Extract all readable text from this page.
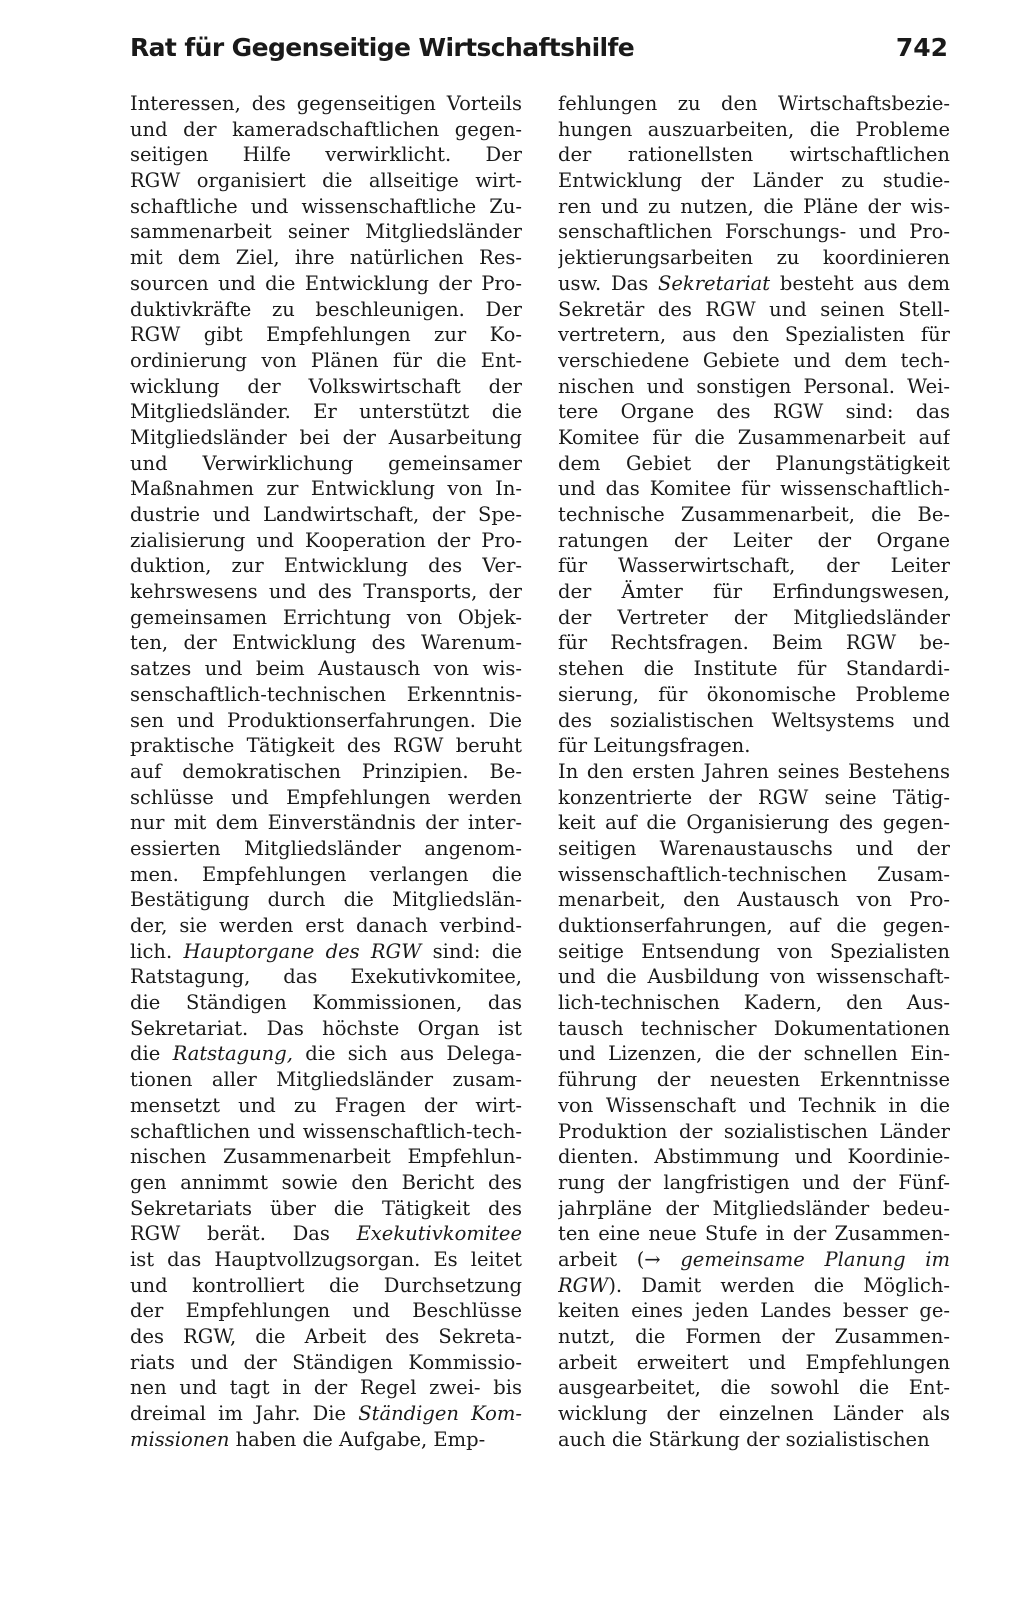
Rat für Gegenseitige Wirtschaftshilfe	742
Interessen, des gegenseitigen Vorteils
und der kameradschaftlichen gegen-
seitigen Hilfe verwirklicht. Der
RGW organisiert die allseitige wirt-
schaftliche und wissenschaftliche Zu-
sammenarbeit seiner Mitgliedsländer
mit dem Ziel, ihre natürlichen Res-
sourcen und die Entwicklung der Pro-
duktivkräfte zu beschleunigen. Der
RGW gibt Empfehlungen zur Ko-
ordinierung von Plänen für die Ent-
wicklung der Volkswirtschaft der
Mitgliedsländer. Er unterstützt die
Mitgliedsländer bei der Ausarbeitung
und Verwirklichung gemeinsamer
Maßnahmen zur Entwicklung von In-
dustrie und Landwirtschaft, der Spe-
zialisierung und Kooperation der Pro-
duktion, zur Entwicklung des Ver-
kehrswesens und des Transports, der
gemeinsamen Errichtung von Objek-
ten, der Entwicklung des Warenum-
satzes und beim Austausch von wis-
senschaftlich-technischen Erkenntnis-
sen und Produktionserfahrungen. Die
praktische Tätigkeit des RGW beruht
auf demokratischen Prinzipien. Be-
schlüsse und Empfehlungen werden
nur mit dem Einverständnis der inter-
essierten Mitgliedsländer angenom-
men. Empfehlungen verlangen die
Bestätigung durch die Mitgliedslän-
der, sie werden erst danach verbind-
lich. Hauptorgane des RGW sind: die
Ratstagung, das Exekutivkomitee,
die Ständigen Kommissionen, das
Sekretariat. Das höchste Organ ist
die Ratstagung, die sich aus Delega-
tionen aller Mitgliedsländer zusam-
mensetzt und zu Fragen der wirt-
schaftlichen und wissenschaftlich-tech-
nischen Zusammenarbeit Empfehlun-
gen annimmt sowie den Bericht des
Sekretariats über die Tätigkeit des
RGW berät. Das Exekutivkomitee
ist das Hauptvollzugsorgan. Es leitet
und kontrolliert die Durchsetzung
der Empfehlungen und Beschlüsse
des RGW, die Arbeit des Sekreta-
riats und der Ständigen Kommissio-
nen und tagt in der Regel zwei- bis
dreimal im Jahr. Die Ständigen Kom-
missionen haben die Aufgabe, Emp-
fehlungen zu den Wirtschaftsbezie-
hungen auszuarbeiten, die Probleme
der rationellsten wirtschaftlichen
Entwicklung der Länder zu studie-
ren und zu nutzen, die Pläne der wis-
senschaftlichen Forschungs- und Pro-
jektierungsarbeiten zu koordinieren
usw. Das Sekretariat besteht aus dem
Sekretär des RGW und seinen Stell-
vertretern, aus den Spezialisten für
verschiedene Gebiete und dem tech-
nischen und sonstigen Personal. Wei-
tere Organe des RGW sind: das
Komitee für die Zusammenarbeit auf
dem Gebiet der Planungstätigkeit
und das Komitee für wissenschaftlich-
technische Zusammenarbeit, die Be-
ratungen der Leiter der Organe
für Wasserwirtschaft, der Leiter
der Ämter für Erfindungswesen,
der Vertreter der Mitgliedsländer
für Rechtsfragen. Beim RGW be-
stehen die Institute für Standardi-
sierung, für ökonomische Probleme
des sozialistischen Weltsystems und
für Leitungsfragen.
In den ersten Jahren seines Bestehens
konzentrierte der RGW seine Tätig-
keit auf die Organisierung des gegen-
seitigen Warenaustauschs und der
wissenschaftlich-technischen Zusam-
menarbeit, den Austausch von Pro-
duktionserfahrungen, auf die gegen-
seitige Entsendung von Spezialisten
und die Ausbildung von wissenschaft-
lich-technischen Kadern, den Aus-
tausch technischer Dokumentationen
und Lizenzen, die der schnellen Ein-
führung der neuesten Erkenntnisse
von Wissenschaft und Technik in die
Produktion der sozialistischen Länder
dienten. Abstimmung und Koordinie-
rung der langfristigen und der Fünf-
jahrpläne der Mitgliedsländer bedeu-
ten eine neue Stufe in der Zusammen-
arbeit (→ gemeinsame Planung im
RGW). Damit werden die Möglich-
keiten eines jeden Landes besser ge-
nutzt, die Formen der Zusammen-
arbeit erweitert und Empfehlungen
ausgearbeitet, die sowohl die Ent-
wicklung der einzelnen Länder als
auch die Stärkung der sozialistischen
